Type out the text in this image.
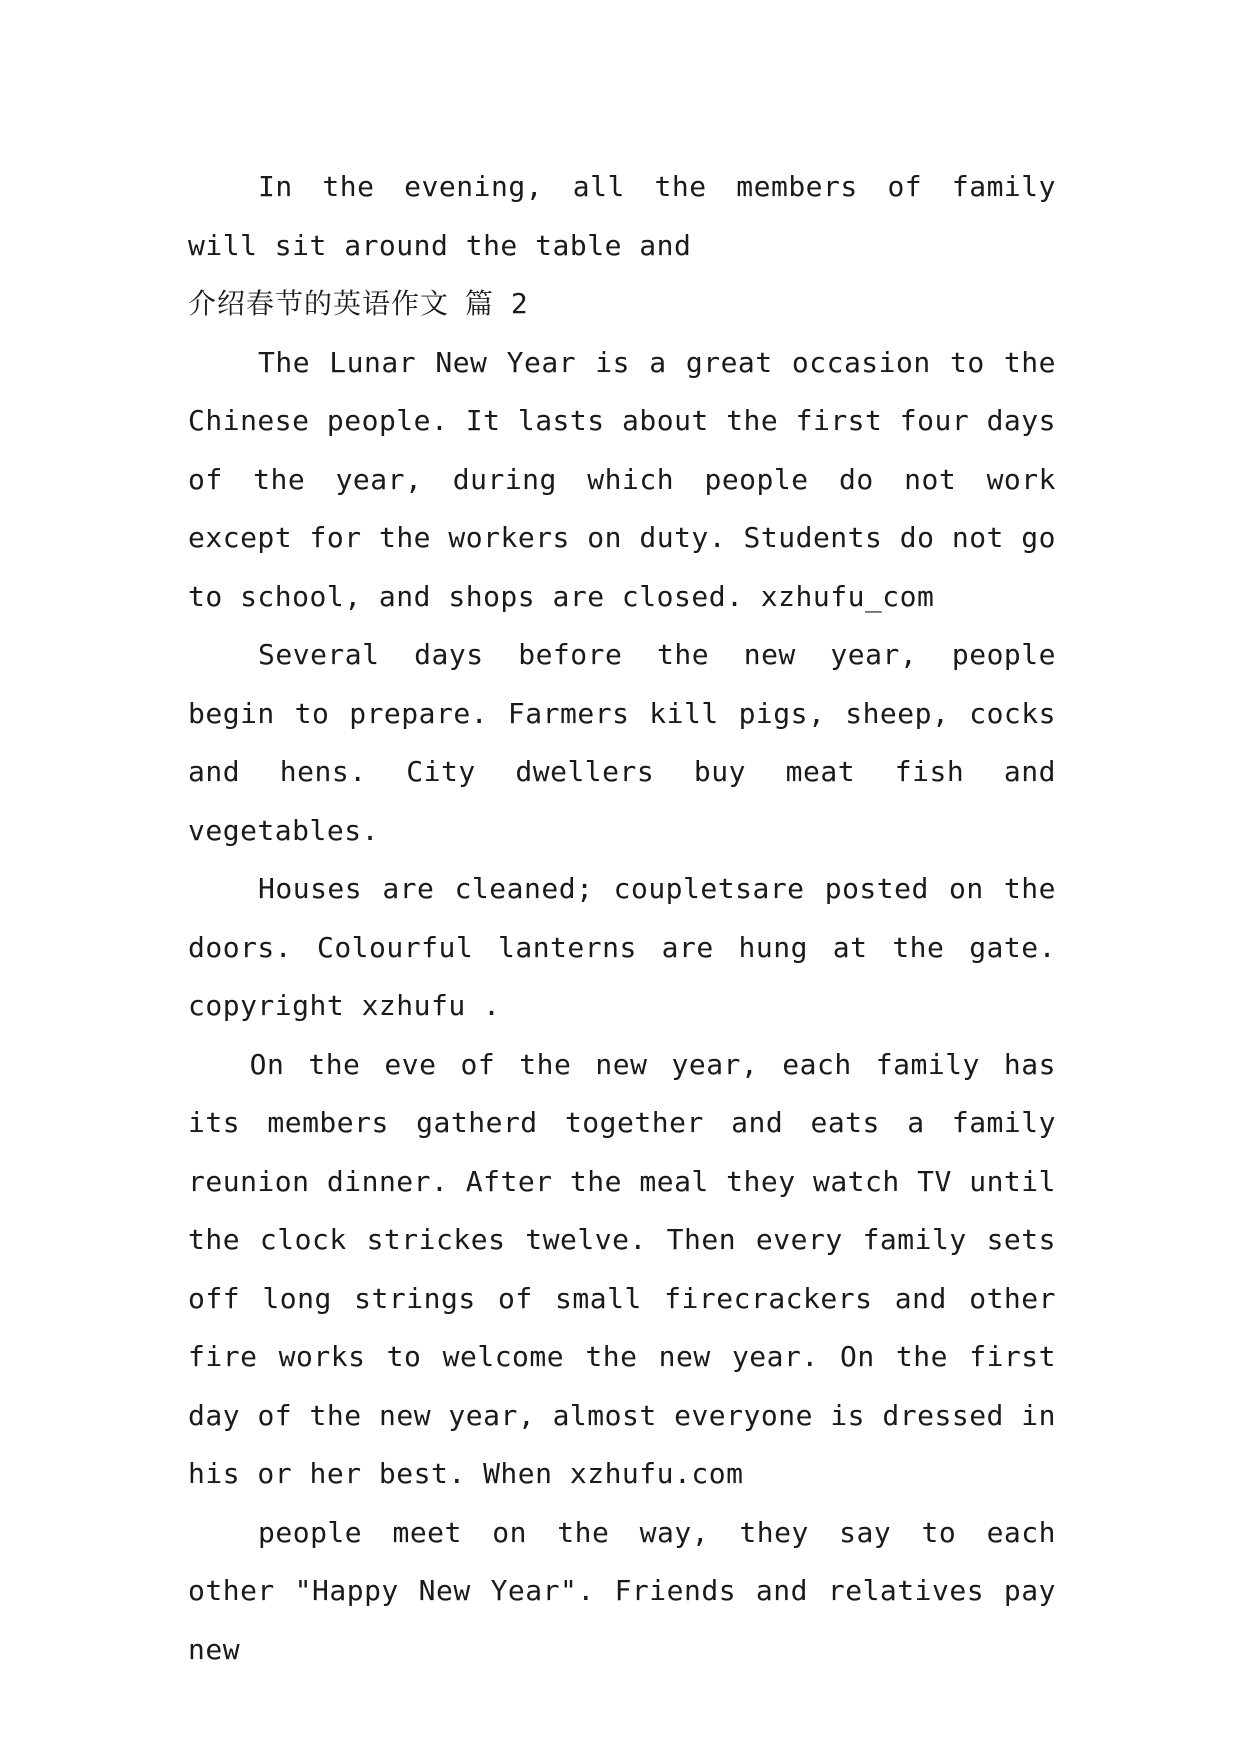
In the evening, all the members of family will sit around the table and

介绍春节的英语作文 篇 2

The Lunar New Year is a great occasion to the Chinese people. It lasts about the first four days of the year, during which people do not work except for the workers on duty. Students do not go to school, and shops are closed. xzhufu_com

Several days before the new year, people begin to prepare. Farmers kill pigs, sheep, cocks and hens. City dwellers buy meat fish and vegetables.

Houses are cleaned; coupletsare posted on the doors. Colourful lanterns are hung at the gate. copyright xzhufu .

On the eve of the new year, each family has its members gatherd together and eats a family reunion dinner. After the meal they watch TV until the clock strickes twelve. Then every family sets off long strings of small firecrackers and other fire works to welcome the new year. On the first day of the new year, almost everyone is dressed in his or her best. When xzhufu.com

people meet on the way, they say to each other "Happy New Year". Friends and relatives pay new
